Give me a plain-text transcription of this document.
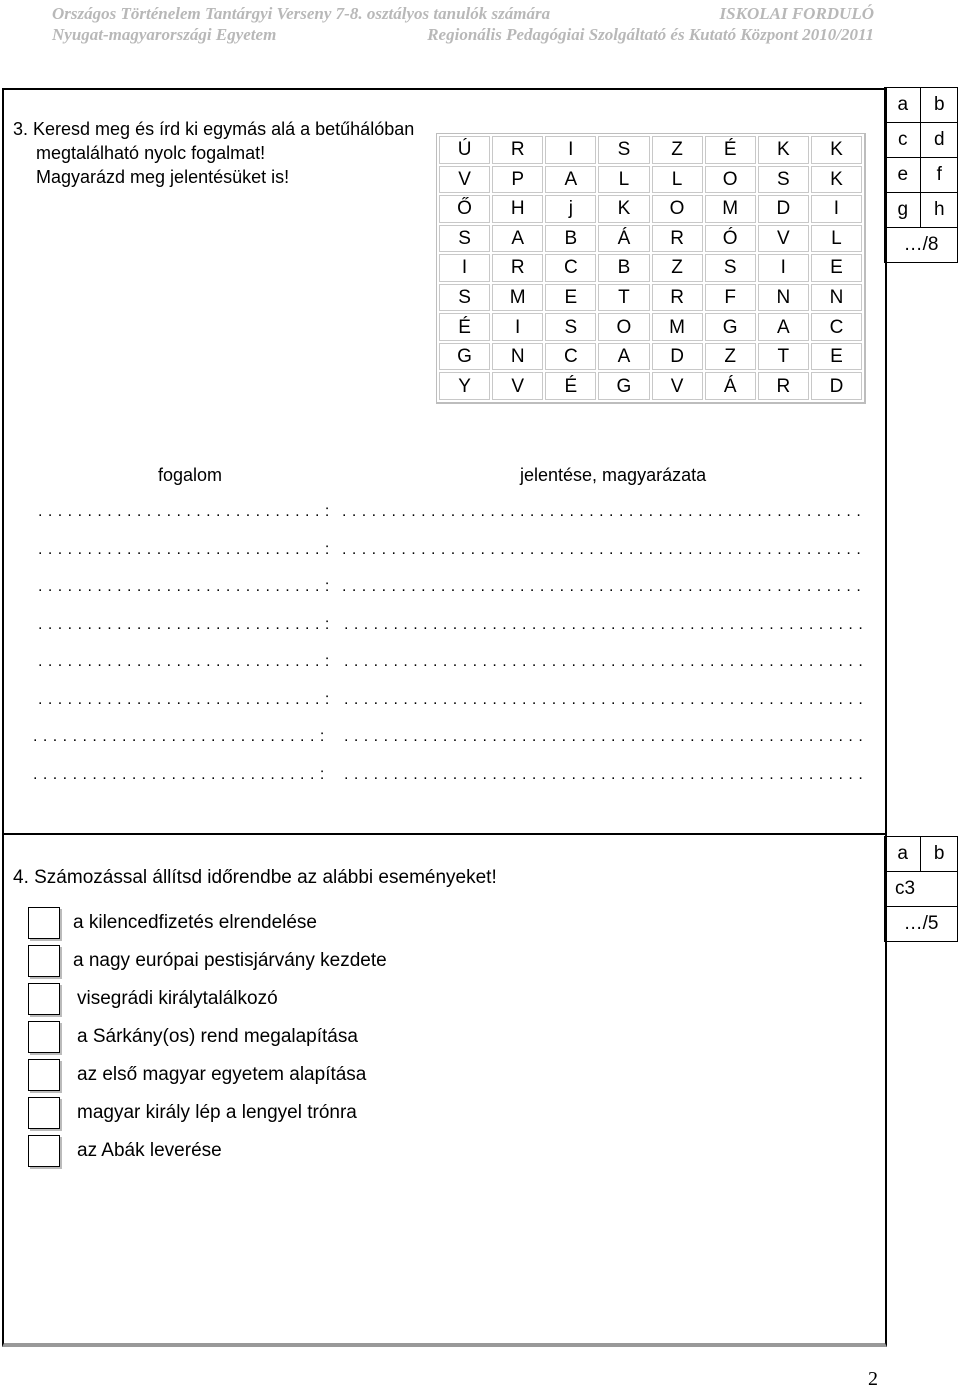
Országos Történelem Tantárgyi Verseny 7-8. osztályos tanulók számára	ISKOLAI FORDULÓ
Nyugat-magyarországi Egyetem	Regionális Pedagógiai Szolgáltató és Kutató Központ 2010/2011
3. Keresd meg és írd ki egymás alá a betűhálóban
megtalálható nyolc fogalmat!
Magyarázd meg jelentésüket is!
Ú	R	I	S	Z	É	K	K
V	P	A	L	L	O	S	K
Ő	H	j	K	O	M	D	I
S	A	B	Á	R	Ó	V	L
I	R	C	B	Z	S	I	E
S	M	E	T	R	F	N	N
É	I	S	O	M	G	A	C
G	N	C	A	D	Z	T	E
Y	V	É	G	V	Á	R	D
a	b
c	d
e	f
g	h
…/8	
fogalom	jelentése, magyarázata
. . . . . . . . . . . . . . . . . . . . . . . . . . . . . : . . . . . . . . . . . . . . . . . . . . . . . . . . . . . . . . . . . . . . . . . . . . . . . . . . . . .
. . . . . . . . . . . . . . . . . . . . . . . . . . . . . : . . . . . . . . . . . . . . . . . . . . . . . . . . . . . . . . . . . . . . . . . . . . . . . . . . . . .
. . . . . . . . . . . . . . . . . . . . . . . . . . . . . : . . . . . . . . . . . . . . . . . . . . . . . . . . . . . . . . . . . . . . . . . . . . . . . . . . . . .
. . . . . . . . . . . . . . . . . . . . . . . . . . . . . : . . . . . . . . . . . . . . . . . . . . . . . . . . . . . . . . . . . . . . . . . . . . . . . . . . . . .
. . . . . . . . . . . . . . . . . . . . . . . . . . . . . : . . . . . . . . . . . . . . . . . . . . . . . . . . . . . . . . . . . . . . . . . . . . . . . . . . . . .
. . . . . . . . . . . . . . . . . . . . . . . . . . . . . : . . . . . . . . . . . . . . . . . . . . . . . . . . . . . . . . . . . . . . . . . . . . . . . . . . . . .
. . . . . . . . . . . . . . . . . . . . . . . . . . . . . : . . . . . . . . . . . . . . . . . . . . . . . . . . . . . . . . . . . . . . . . . . . . . . . . . . . . .
. . . . . . . . . . . . . . . . . . . . . . . . . . . . . : . . . . . . . . . . . . . . . . . . . . . . . . . . . . . . . . . . . . . . . . . . . . . . . . . . . . .
4. Számozással állítsd időrendbe az alábbi eseményeket!
a	b
c3
…/5
a kilencedfizetés elrendelése
a nagy európai pestisjárvány kezdete
visegrádi királytalálkozó
a Sárkány(os) rend megalapítása
az első magyar egyetem alapítása
magyar király lép a lengyel trónra
az Abák leverése
2
